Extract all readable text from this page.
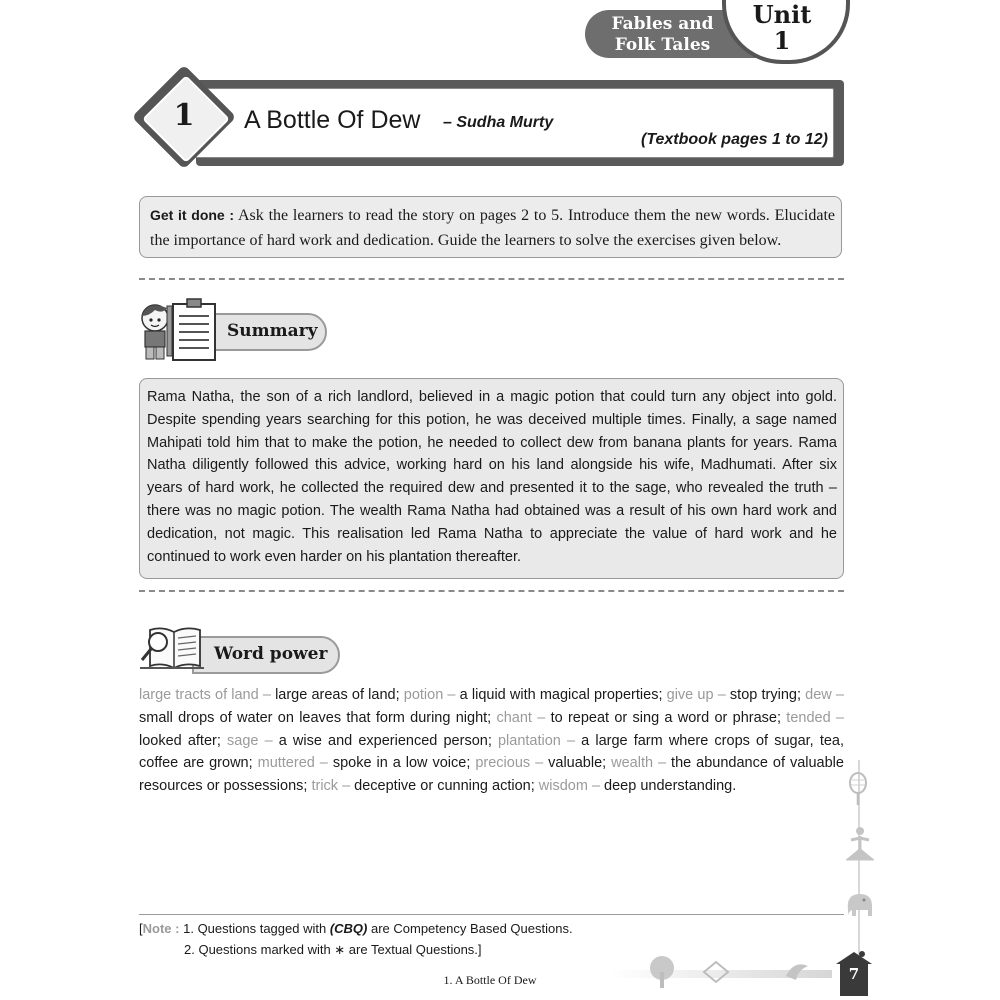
Fables and
Folk Tales
Unit
1
1	A Bottle Of Dew – Sudha Murty
(Textbook pages 1 to 12)
Get it done : Ask the learners to read the story on pages 2 to 5. Introduce them the new words. Elucidate the importance of hard work and dedication. Guide the learners to solve the exercises given below.
Summary
Rama Natha, the son of a rich landlord, believed in a magic potion that could turn any object into gold. Despite spending years searching for this potion, he was deceived multiple times. Finally, a sage named Mahipati told him that to make the potion, he needed to collect dew from banana plants for years. Rama Natha diligently followed this advice, working hard on his land alongside his wife, Madhumati. After six years of hard work, he collected the required dew and presented it to the sage, who revealed the truth – there was no magic potion. The wealth Rama Natha had obtained was a result of his own hard work and dedication, not magic. This realisation led Rama Natha to appreciate the value of hard work and he continued to work even harder on his plantation thereafter.
Word power
large tracts of land – large areas of land; potion – a liquid with magical properties; give up – stop trying; dew – small drops of water on leaves that form during night; chant – to repeat or sing a word or phrase; tended – looked after; sage – a wise and experienced person; plantation – a large farm where crops of sugar, tea, coffee are grown; muttered – spoke in a low voice; precious – valuable; wealth – the abundance of valuable resources or possessions; trick – deceptive or cunning action; wisdom – deep understanding.
7
[Note : 1. Questions tagged with (CBQ) are Competency Based Questions.
2. Questions marked with ∗ are Textual Questions.]
1. A Bottle Of Dew
